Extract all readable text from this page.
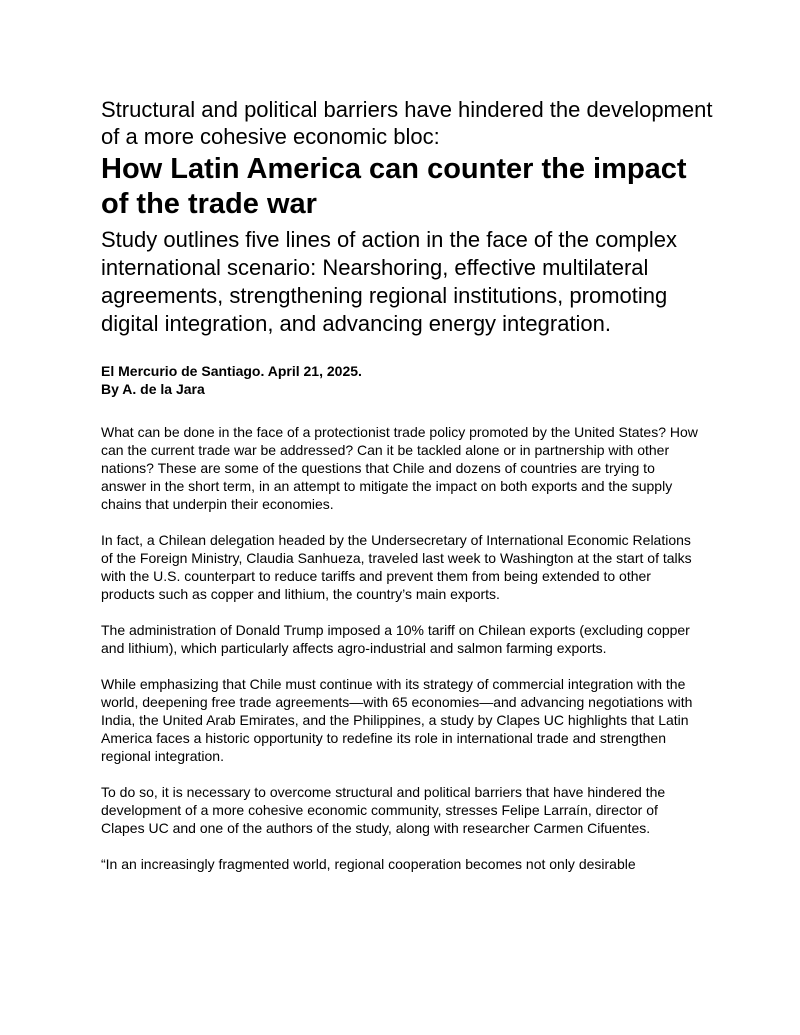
Structural and political barriers have hindered the development of a more cohesive economic bloc:
How Latin America can counter the impact of the trade war
Study outlines five lines of action in the face of the complex international scenario: Nearshoring, effective multilateral agreements, strengthening regional institutions, promoting digital integration, and advancing energy integration.
El Mercurio de Santiago. April 21, 2025.
By A. de la Jara

What can be done in the face of a protectionist trade policy promoted by the United States? How can the current trade war be addressed? Can it be tackled alone or in partnership with other nations? These are some of the questions that Chile and dozens of countries are trying to answer in the short term, in an attempt to mitigate the impact on both exports and the supply chains that underpin their economies.

In fact, a Chilean delegation headed by the Undersecretary of International Economic Relations of the Foreign Ministry, Claudia Sanhueza, traveled last week to Washington at the start of talks with the U.S. counterpart to reduce tariffs and prevent them from being extended to other products such as copper and lithium, the country’s main exports.

The administration of Donald Trump imposed a 10% tariff on Chilean exports (excluding copper and lithium), which particularly affects agro-industrial and salmon farming exports.

While emphasizing that Chile must continue with its strategy of commercial integration with the world, deepening free trade agreements—with 65 economies—and advancing negotiations with India, the United Arab Emirates, and the Philippines, a study by Clapes UC highlights that Latin America faces a historic opportunity to redefine its role in international trade and strengthen regional integration.

To do so, it is necessary to overcome structural and political barriers that have hindered the development of a more cohesive economic community, stresses Felipe Larraín, director of Clapes UC and one of the authors of the study, along with researcher Carmen Cifuentes.

“In an increasingly fragmented world, regional cooperation becomes not only desirable
